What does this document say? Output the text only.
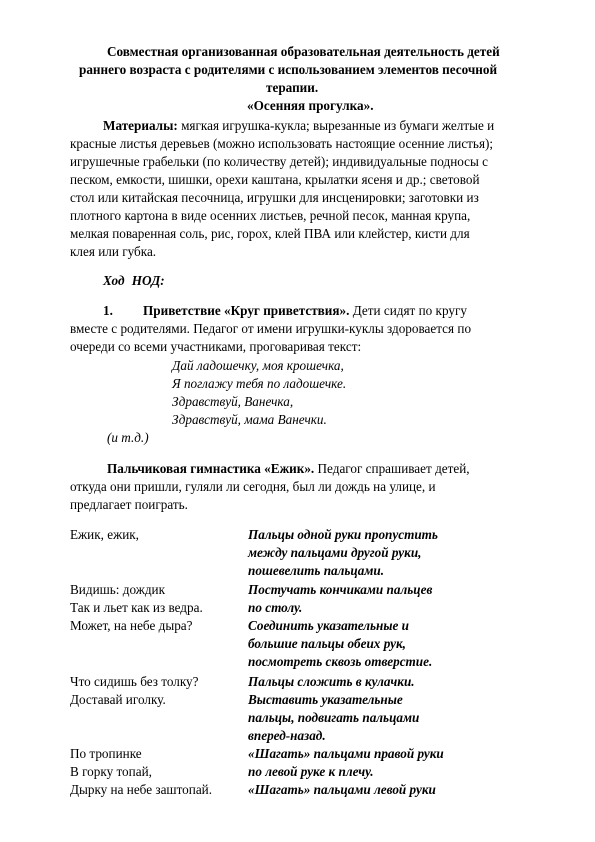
Совместная организованная образовательная деятельность детей
раннего возраста с родителями с использованием элементов песочной
терапии.
«Осенняя прогулка».
Материалы: мягкая игрушка-кукла; вырезанные из бумаги желтые и
красные листья деревьев (можно использовать настоящие осенние листья);
игрушечные грабельки (по количеству детей); индивидуальные подносы с
песком, емкости, шишки, орехи каштана, крылатки ясеня и др.; световой
стол или китайская песочница, игрушки для инсценировки; заготовки из
плотного картона в виде осенних листьев, речной песок, манная крупа,
мелкая поваренная соль, рис, горох, клей ПВА или клейстер, кисти для
клея или губка.
Ход НОД:
1. Приветствие «Круг приветствия». Дети сидят по кругу
вместе с родителями. Педагог от имени игрушки-куклы здоровается по
очереди со всеми участниками, проговаривая текст:
Дай ладошечку, моя крошечка,
Я поглажу тебя по ладошечке.
Здравствуй, Ванечка,
Здравствуй, мама Ванечки.
(и т.д.)
Пальчиковая гимнастика «Ежик». Педагог спрашивает детей,
откуда они пришли, гуляли ли сегодня, был ли дождь на улице, и
предлагает поиграть.
Ежик, ежик,
Видишь: дождик
Так и льет как из ведра.
Может, на небе дыра?
Что сидишь без толку?
Доставай иголку.
По тропинке
В горку топай,
Дырку на небе заштопай.
Пальцы одной руки пропустить
между пальцами другой руки,
пошевелить пальцами.
Постучать кончиками пальцев
по столу.
Соединить указательные и
большие пальцы обеих рук,
посмотреть сквозь отверстие.
Пальцы сложить в кулачки.
Выставить указательные
пальцы, подвигать пальцами
вперед-назад.
«Шагать» пальцами правой руки
по левой руке к плечу.
«Шагать» пальцами левой руки
